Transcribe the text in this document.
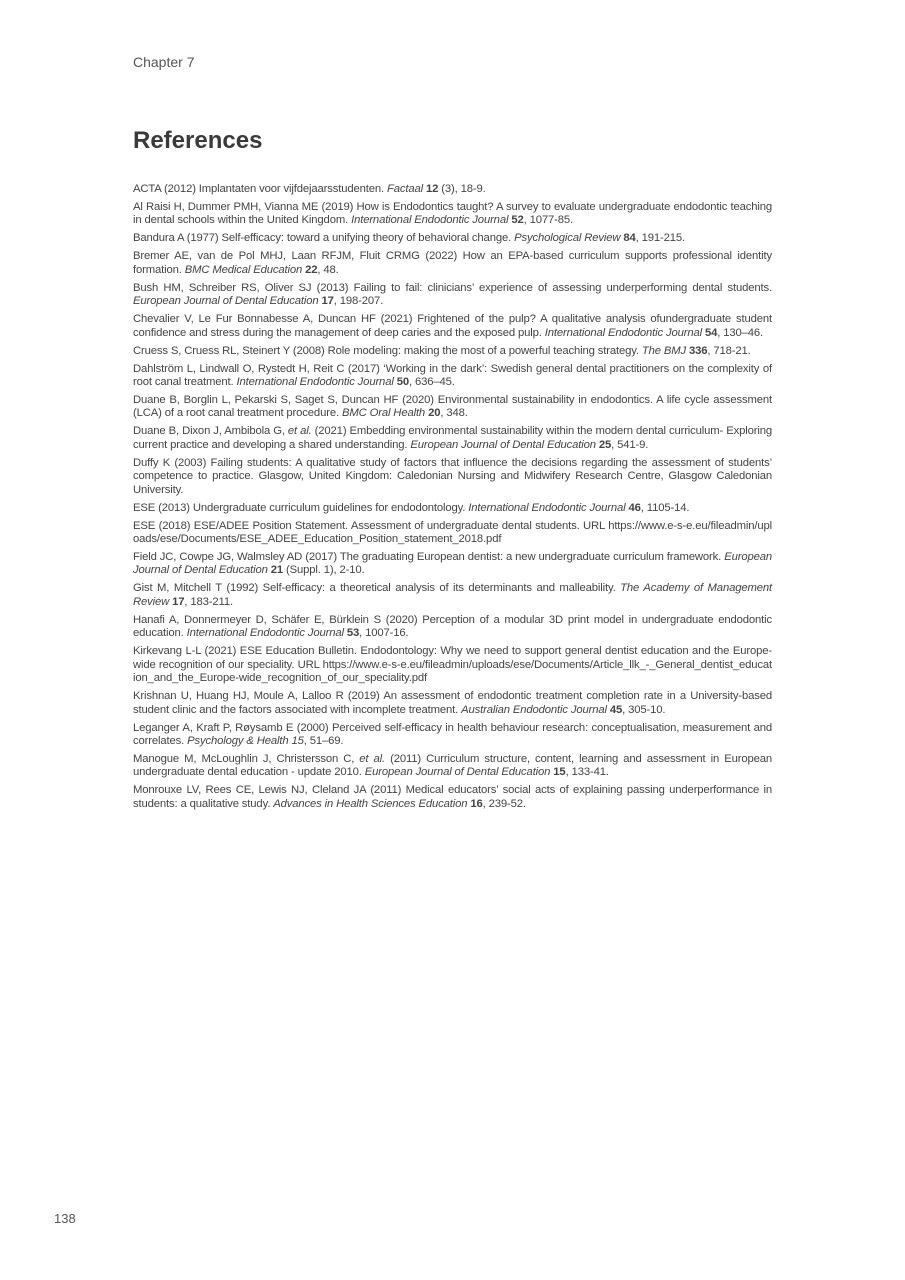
Chapter 7
References

ACTA (2012) Implantaten voor vijfdejaarsstudenten. Factaal 12 (3), 18-9.

Al Raisi H, Dummer PMH, Vianna ME (2019) How is Endodontics taught? A survey to evaluate undergraduate endodontic teaching in dental schools within the United Kingdom. International Endodontic Journal 52, 1077-85.

Bandura A (1977) Self-efficacy: toward a unifying theory of behavioral change. Psychological Review 84, 191-215.

Bremer AE, van de Pol MHJ, Laan RFJM, Fluit CRMG (2022) How an EPA-based curriculum supports professional identity formation. BMC Medical Education 22, 48.

Bush HM, Schreiber RS, Oliver SJ (2013) Failing to fail: clinicians’ experience of assessing underperforming dental students. European Journal of Dental Education 17, 198-207.

Chevalier V, Le Fur Bonnabesse A, Duncan HF (2021) Frightened of the pulp? A qualitative analysis ofundergraduate student confidence and stress during the management of deep caries and the exposed pulp. International Endodontic Journal 54, 130–46.

Cruess S, Cruess RL, Steinert Y (2008) Role modeling: making the most of a powerful teaching strategy. The BMJ 336, 718-21.

Dahlström L, Lindwall O, Rystedt H, Reit C (2017) ‘Working in the dark’: Swedish general dental practitioners on the complexity of root canal treatment. International Endodontic Journal 50, 636–45.

Duane B, Borglin L, Pekarski S, Saget S, Duncan HF (2020) Environmental sustainability in endodontics. A life cycle assessment (LCA) of a root canal treatment procedure. BMC Oral Health 20, 348.

Duane B, Dixon J, Ambibola G, et al. (2021) Embedding environmental sustainability within the modern dental curriculum- Exploring current practice and developing a shared understanding. European Journal of Dental Education 25, 541-9.

Duffy K (2003) Failing students: A qualitative study of factors that influence the decisions regarding the assessment of students’ competence to practice. Glasgow, United Kingdom: Caledonian Nursing and Midwifery Research Centre, Glasgow Caledonian University.

ESE (2013) Undergraduate curriculum guidelines for endodontology. International Endodontic Journal 46, 1105-14.

ESE (2018) ESE/ADEE Position Statement. Assessment of undergraduate dental students. URL https://www.e-s-e.eu/fileadmin/uploads/ese/Documents/ESE_ADEE_Education_Position_statement_2018.pdf

Field JC, Cowpe JG, Walmsley AD (2017) The graduating European dentist: a new undergraduate curriculum framework. European Journal of Dental Education 21 (Suppl. 1), 2-10.

Gist M, Mitchell T (1992) Self-efficacy: a theoretical analysis of its determinants and malleability. The Academy of Management Review 17, 183-211.

Hanafi A, Donnermeyer D, Schäfer E, Bürklein S (2020) Perception of a modular 3D print model in undergraduate endodontic education. International Endodontic Journal 53, 1007-16.

Kirkevang L-L (2021) ESE Education Bulletin. Endodontology: Why we need to support general dentist education and the Europe-wide recognition of our speciality. URL https://www.e-s-e.eu/fileadmin/uploads/ese/Documents/Article_llk_-_General_dentist_education_and_the_Europe-wide_recognition_of_our_speciality.pdf

Krishnan U, Huang HJ, Moule A, Lalloo R (2019) An assessment of endodontic treatment completion rate in a University-based student clinic and the factors associated with incomplete treatment. Australian Endodontic Journal 45, 305-10.

Leganger A, Kraft P, Røysamb E (2000) Perceived self-efficacy in health behaviour research: conceptualisation, measurement and correlates. Psychology & Health 15, 51–69.

Manogue M, McLoughlin J, Christersson C, et al. (2011) Curriculum structure, content, learning and assessment in European undergraduate dental education - update 2010. European Journal of Dental Education 15, 133-41.

Monrouxe LV, Rees CE, Lewis NJ, Cleland JA (2011) Medical educators’ social acts of explaining passing underperformance in students: a qualitative study. Advances in Health Sciences Education 16, 239-52.

138
